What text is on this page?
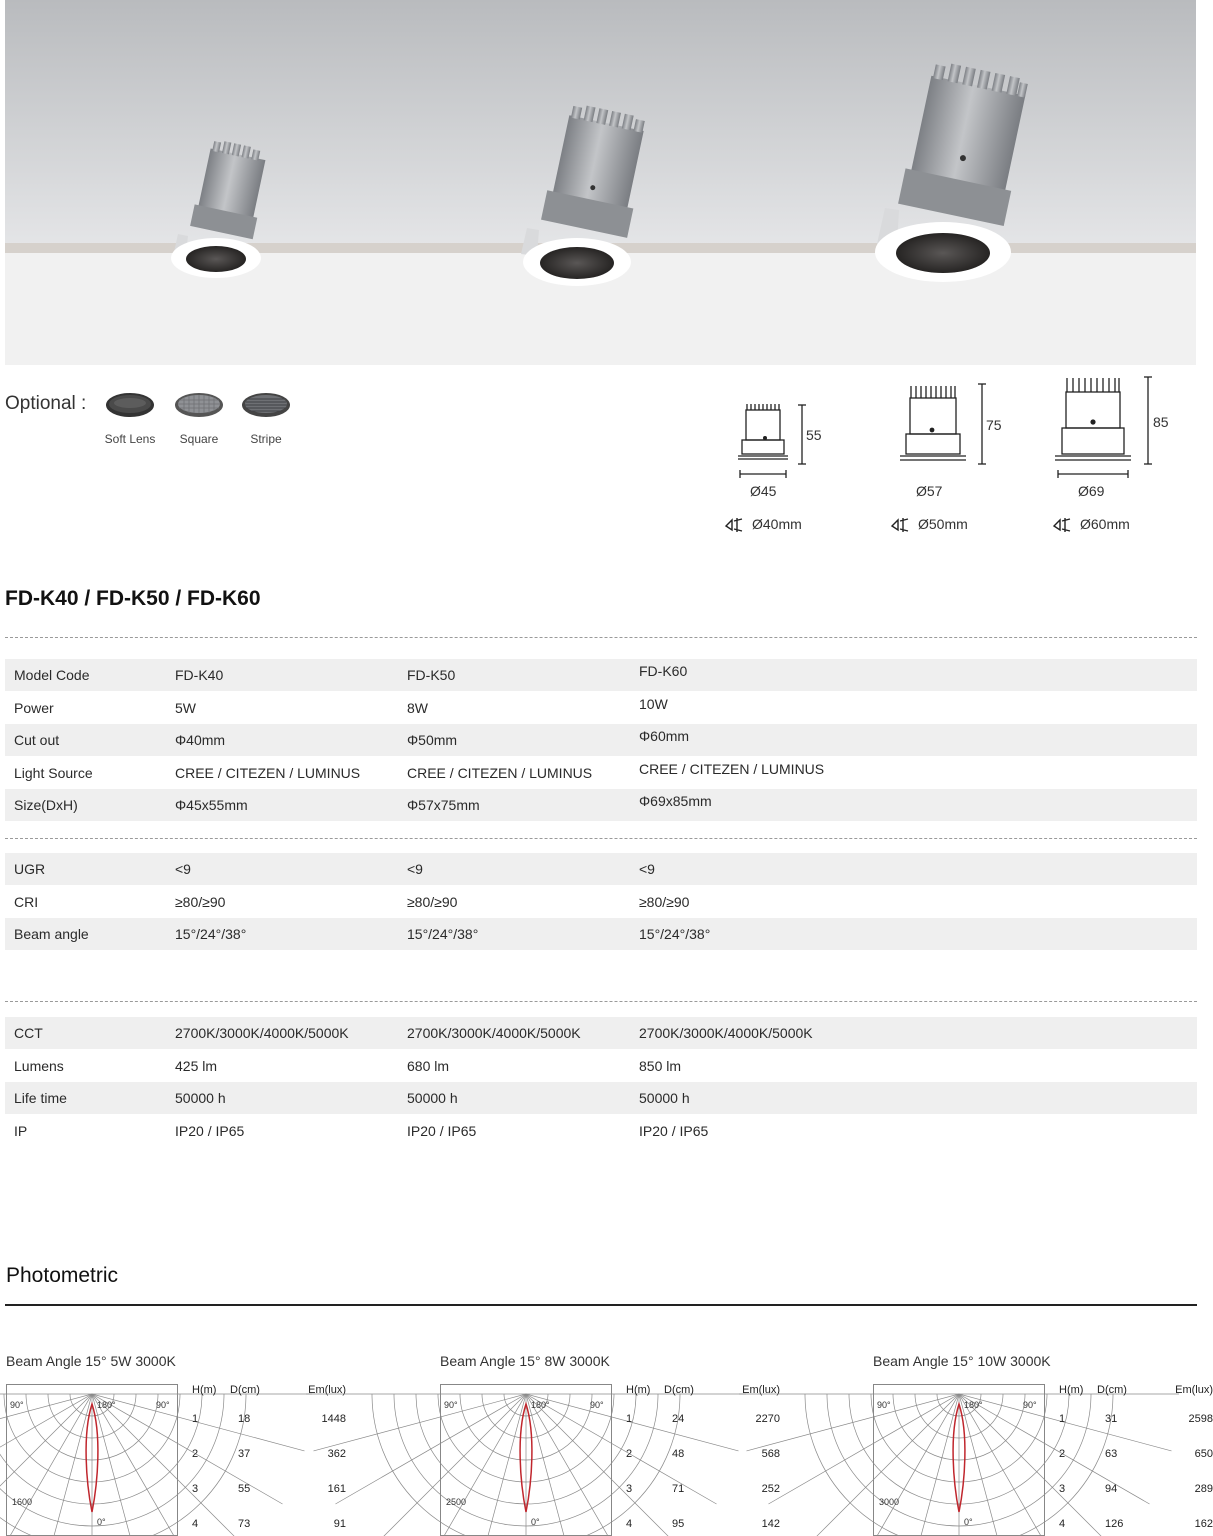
Optional :
Soft Lens	Square	Stripe	55
75	85
Ø45	Ø57	Ø69
Ø40mm	Ø50mm	Ø60mm
FD-K40 / FD-K50 / FD-K60
Model Code	FD-K40	FD-K50	FD-K60
Power	5W	8W	10W
Cut out	Φ40mm	Φ50mm	Φ60mm
Light Source	CREE / CITEZEN / LUMINUS	CREE / CITEZEN / LUMINUS	CREE / CITEZEN / LUMINUS
Size(DxH)	Φ45x55mm	Φ57x75mm	Φ69x85mm
UGR	<9	<9	<9
CRI	≥80/≥90	≥80/≥90	≥80/≥90
Beam angle	15°/24°/38°	15°/24°/38°	15°/24°/38°
CCT	2700K/3000K/4000K/5000K	2700K/3000K/4000K/5000K	2700K/3000K/4000K/5000K
Lumens	425 lm	680 lm	850 lm
Life time	50000 h	50000 h	50000 h
IP	IP20 / IP65	IP20 / IP65	IP20 / IP65
Photometric
Beam Angle 15° 5W 3000K
90°	180°	90°
0°
1600
H(m) D(cm)	Em(lux)
1	18	1448
2	37	362
3	55	161
4	73	91
Beam Angle 15° 8W 3000K
90°	180°	90°
0°
2500
H(m) D(cm)	Em(lux)
1	24	2270
2	48	568
3	71	252
4	95	142
Beam Angle 15° 10W 3000K
90°	180°	90°
0°
3000
H(m) D(cm)	Em(lux)
1	31	2598
2	63	650
3	94	289
4	126	162
